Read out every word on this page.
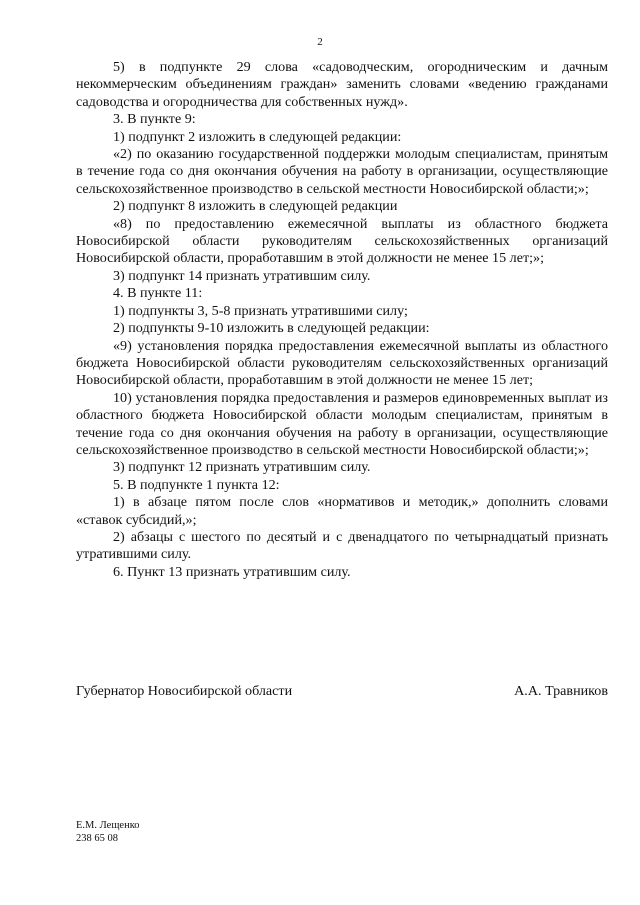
2

5) в подпункте 29 слова «садоводческим, огородническим и дачным некоммерческим объединениям граждан» заменить словами «ведению гражданами садоводства и огородничества для собственных нужд».

3. В пункте 9:

1) подпункт 2 изложить в следующей редакции:

«2) по оказанию государственной поддержки молодым специалистам, принятым в течение года со дня окончания обучения на работу в организации, осуществляющие сельскохозяйственное производство в сельской местности Новосибирской области;»;

2) подпункт 8 изложить в следующей редакции

«8) по предоставлению ежемесячной выплаты из областного бюджета Новосибирской области руководителям сельскохозяйственных организаций Новосибирской области, проработавшим в этой должности не менее 15 лет;»;

3) подпункт 14 признать утратившим силу.

4. В пункте 11:

1) подпункты 3, 5-8 признать утратившими силу;

2) подпункты 9-10 изложить в следующей редакции:

«9) установления порядка предоставления ежемесячной выплаты из областного бюджета Новосибирской области руководителям сельскохозяйственных организаций Новосибирской области, проработавшим в этой должности не менее 15 лет;

10) установления порядка предоставления и размеров единовременных выплат из областного бюджета Новосибирской области молодым специалистам, принятым в течение года со дня окончания обучения на работу в организации, осуществляющие сельскохозяйственное производство в сельской местности Новосибирской области;»;

3) подпункт 12 признать утратившим силу.

5. В подпункте 1 пункта 12:

1) в абзаце пятом после слов «нормативов и методик,» дополнить словами «ставок субсидий,»;

2) абзацы с шестого по десятый и с двенадцатого по четырнадцатый признать утратившими силу.

6. Пункт 13 признать утратившим силу.

Губернатор Новосибирской области	А.А. Травников
Е.М. Лещенко
238 65 08
